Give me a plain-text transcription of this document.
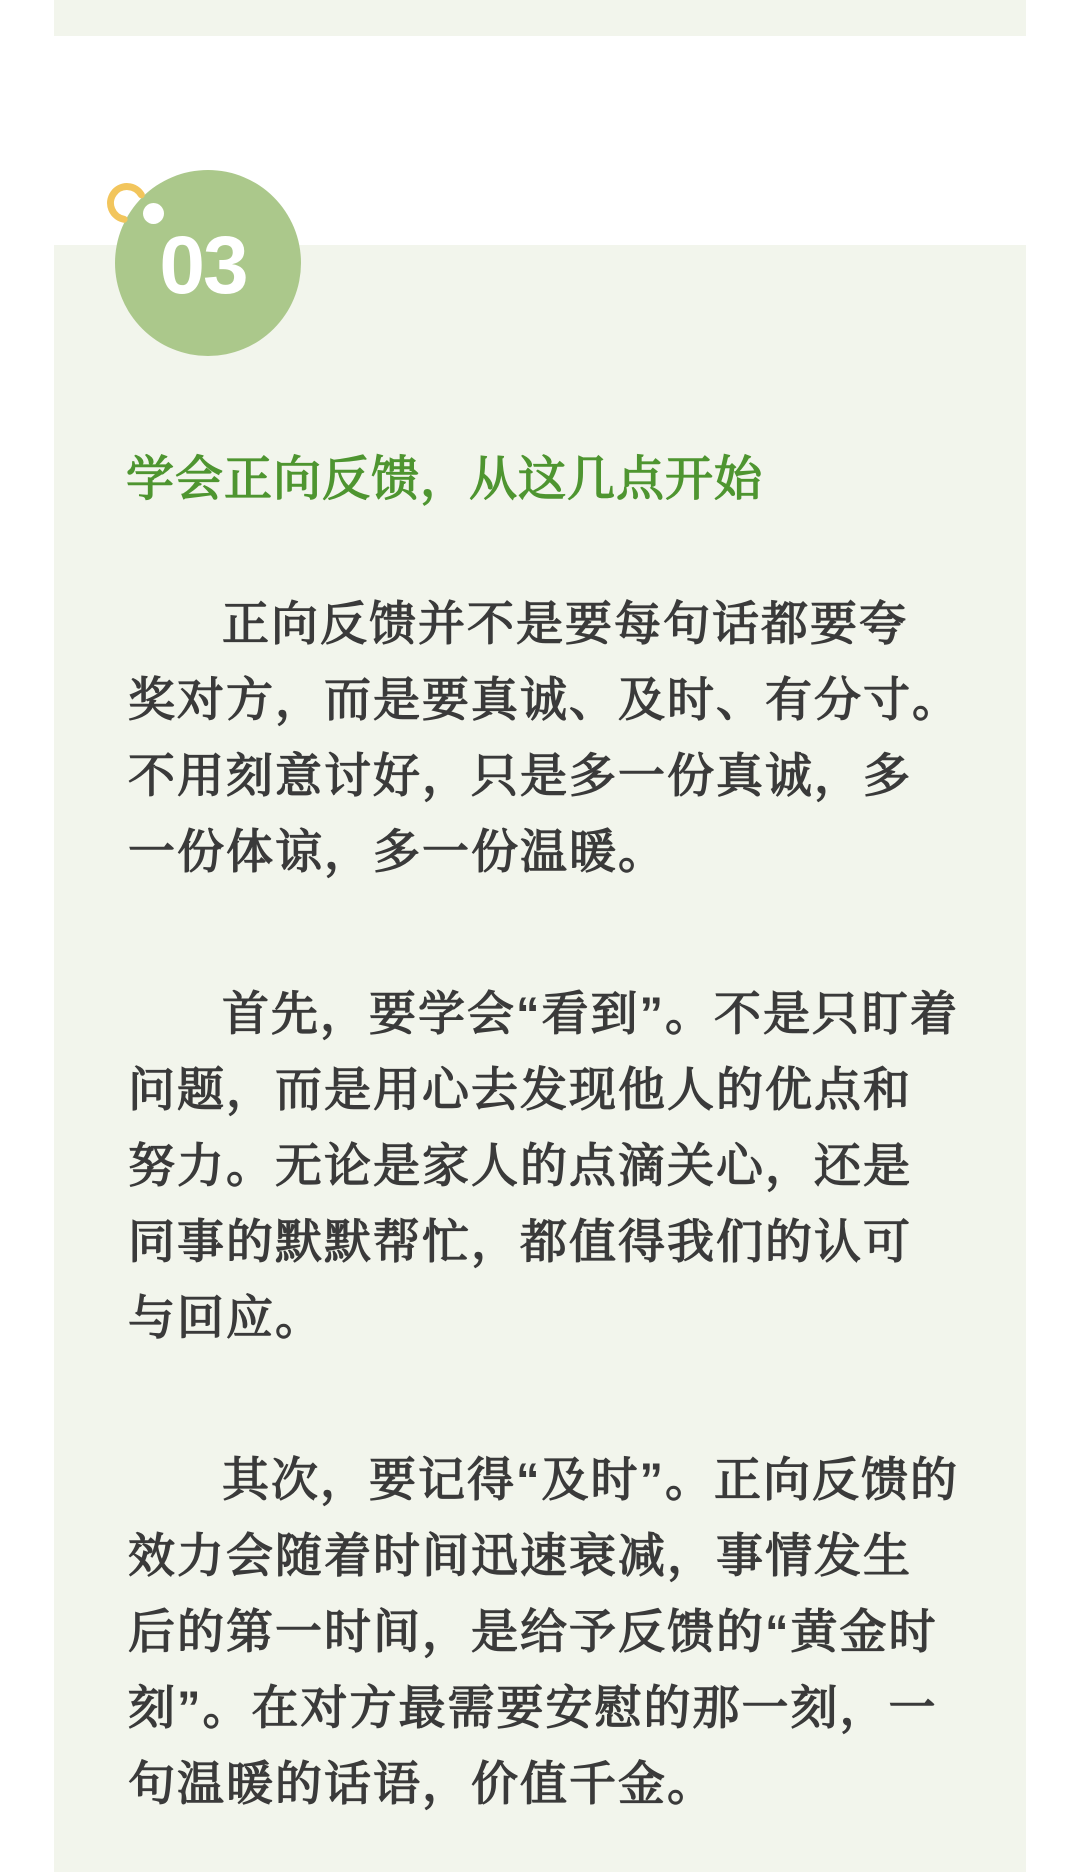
03
学会正向反馈，从这几点开始
正向反馈并不是要每句话都要夸
奖对方，而是要真诚、及时、有分寸。
不用刻意讨好，只是多一份真诚，多
一份体谅，多一份温暖。
首先，要学会“看到”。不是只盯着
问题，而是用心去发现他人的优点和
努力。无论是家人的点滴关心，还是
同事的默默帮忙，都值得我们的认可
与回应。
其次，要记得“及时”。正向反馈的
效力会随着时间迅速衰减，事情发生
后的第一时间，是给予反馈的“黄金时
刻”。在对方最需要安慰的那一刻，一
句温暖的话语，价值千金。
